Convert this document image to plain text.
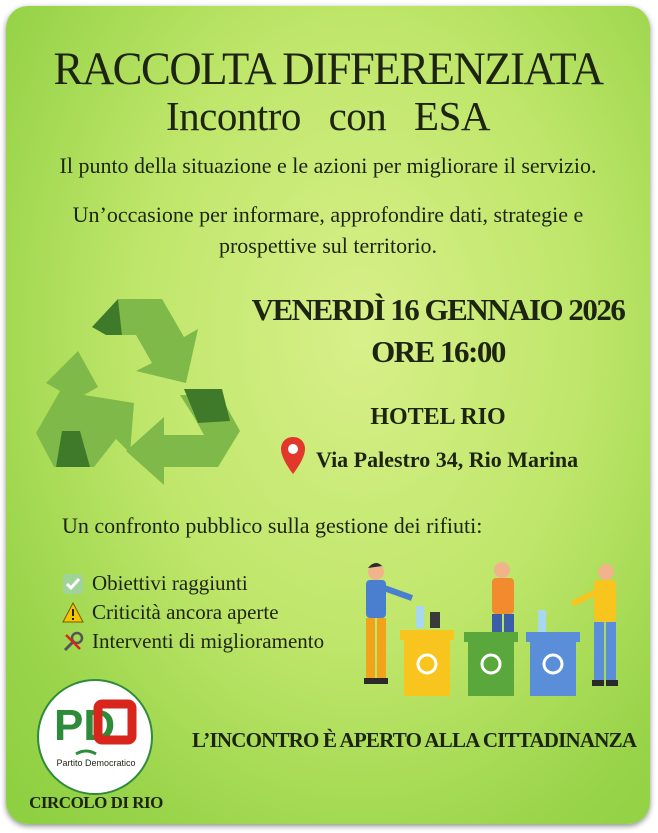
RACCOLTA DIFFERENZIATA
Incontro con ESA
Il punto della situazione e le azioni per migliorare il servizio.
Un’occasione per informare, approfondire dati, strategie e
prospettive sul territorio.
VENERDÌ 16 GENNAIO 2026
ORE 16:00
HOTEL RIO
Via Palestro 34, Rio Marina
Un confronto pubblico sulla gestione dei rifiuti:
Obiettivi raggiunti
Criticità ancora aperte
Interventi di miglioramento
PD
Partito Democratico
L’INCONTRO È APERTO ALLA CITTADINANZA
CIRCOLO DI RIO
